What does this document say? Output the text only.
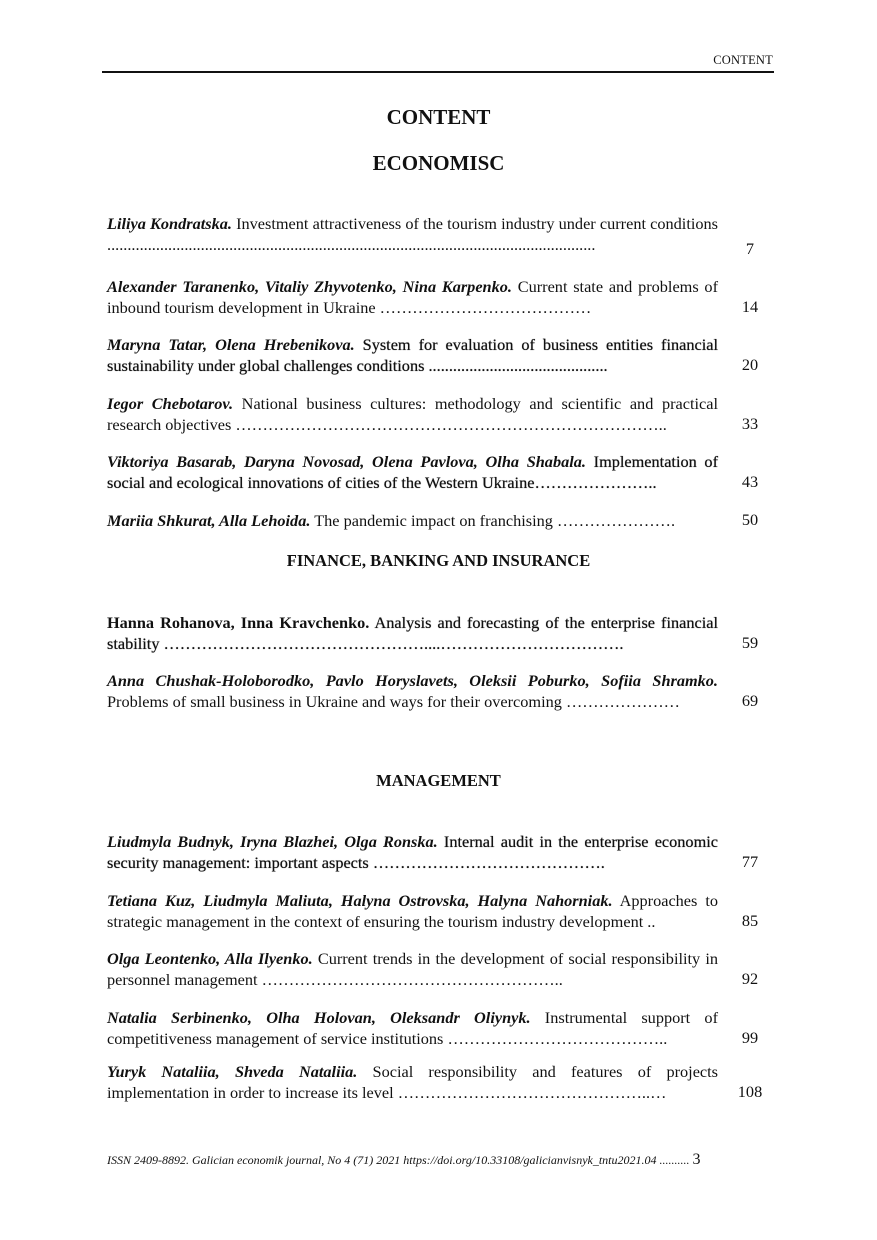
CONTENT
CONTENT
ECONOMISC
Liliya Kondratska. Investment attractiveness of the tourism industry under current conditions ........................................................................................................................	7
Alexander Taranenko, Vitaliy Zhyvotenko, Nina Karpenko. Current state and problems of inbound tourism development in Ukraine …………………………………	14
Maryna Tatar, Olena Hrebenikova. System for evaluation of business entities financial sustainability under global challenges conditions ............................................	20
Iegor Chebotarov. National business cultures: methodology and scientific and practical research objectives ……………………………………………………………………..	33
Viktoriya Basarab, Daryna Novosad, Olena Pavlova, Olha Shabala. Implementation of social and ecological innovations of cities of the Western Ukraine…………………..	43
Mariia Shkurat, Alla Lehoida. The pandemic impact on franchising ………………….	50
FINANCE, BANKING AND INSURANCE
Hanna Rohanova, Inna Kravchenko. Analysis and forecasting of the enterprise financial stability …………………………………………....…………………………….	59
Anna Chushak-Holoborodko, Pavlo Horyslavets, Oleksii Poburko, Sofiia Shramko. Problems of small business in Ukraine and ways for their overcoming …………………	69
MANAGEMENT
Liudmyla Budnyk, Iryna Blazhei, Olga Ronska. Internal audit in the enterprise economic security management: important aspects …………………………………….	77
Tetiana Kuz, Liudmyla Maliuta, Halyna Ostrovska, Halyna Nahorniak. Approaches to strategic management in the context of ensuring the tourism industry development ..	85
Olga Leontenko, Alla Ilyenko. Current trends in the development of social responsibility in personnel management ………………………………………………..	92
Natalia Serbinenko, Olha Holovan, Oleksandr Oliynyk. Instrumental support of competitiveness management of service institutions …………………………………..	99
Yuryk Nataliia, Shveda Nataliia. Social responsibility and features of projects implementation in order to increase its level ………………………………………..…	108
ISSN 2409-8892. Galician economik journal, No 4 (71) 2021 https://doi.org/10.33108/galicianvisnyk_tntu2021.04 .......... 3
